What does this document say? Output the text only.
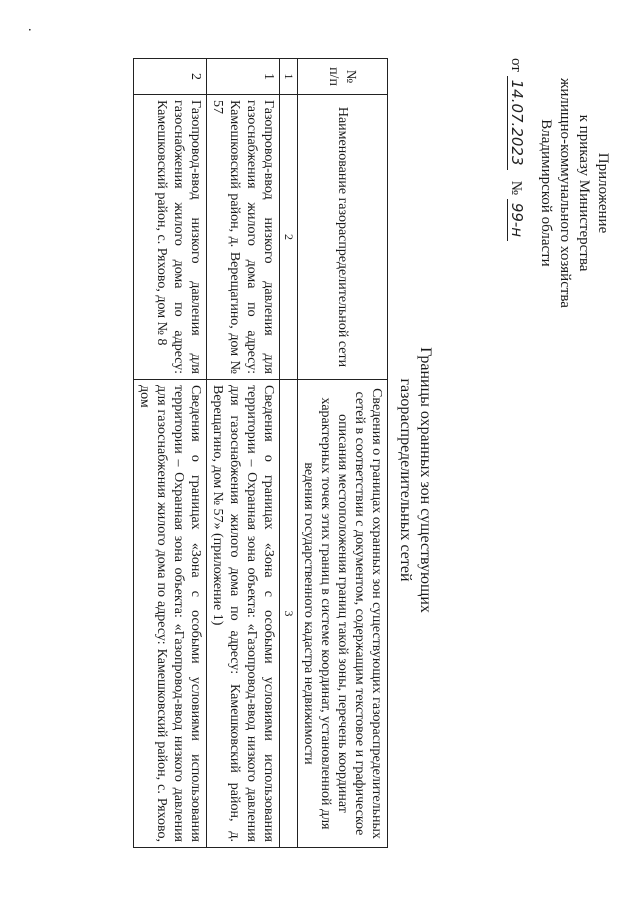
.
Приложение
к приказу Министерства
жилищно-коммунального хозяйства
Владимирской области
от 14.07.2023   № 99-н
Границы охранных зон существующих
газораспределительных сетей
№ п/п	Наименование газораспределительной сети	Сведения о границах охранных зон существующих газораспределительных сетей в соответствии с документом, содержащим текстовое и графическое описания местоположения границ такой зоны, перечень координат характерных точек этих границ в системе координат, установленной для ведения государственного кадастра недвижимости
1	2	3
1	Газопровод-ввод низкого давления для газоснабжения жилого дома по адресу: Камешковский район, д. Верещагино, дом № 57	Сведения о границах «Зона с особыми условиями использования территории – Охранная зона объекта: «Газопровод-ввод низкого давления для газоснабжения жилого дома по адресу: Камешковский район, д. Верещагино, дом № 57» (приложение 1)
2	Газопровод-ввод низкого давления для газоснабжения жилого дома по адресу: Камешковский район, с. Ряхово, дом № 8	Сведения о границах «Зона с особыми условиями использования территории – Охранная зона объекта: «Газопровод-ввод низкого давления для газоснабжения жилого дома по адресу: Камешковский район, с. Ряхово, дом
